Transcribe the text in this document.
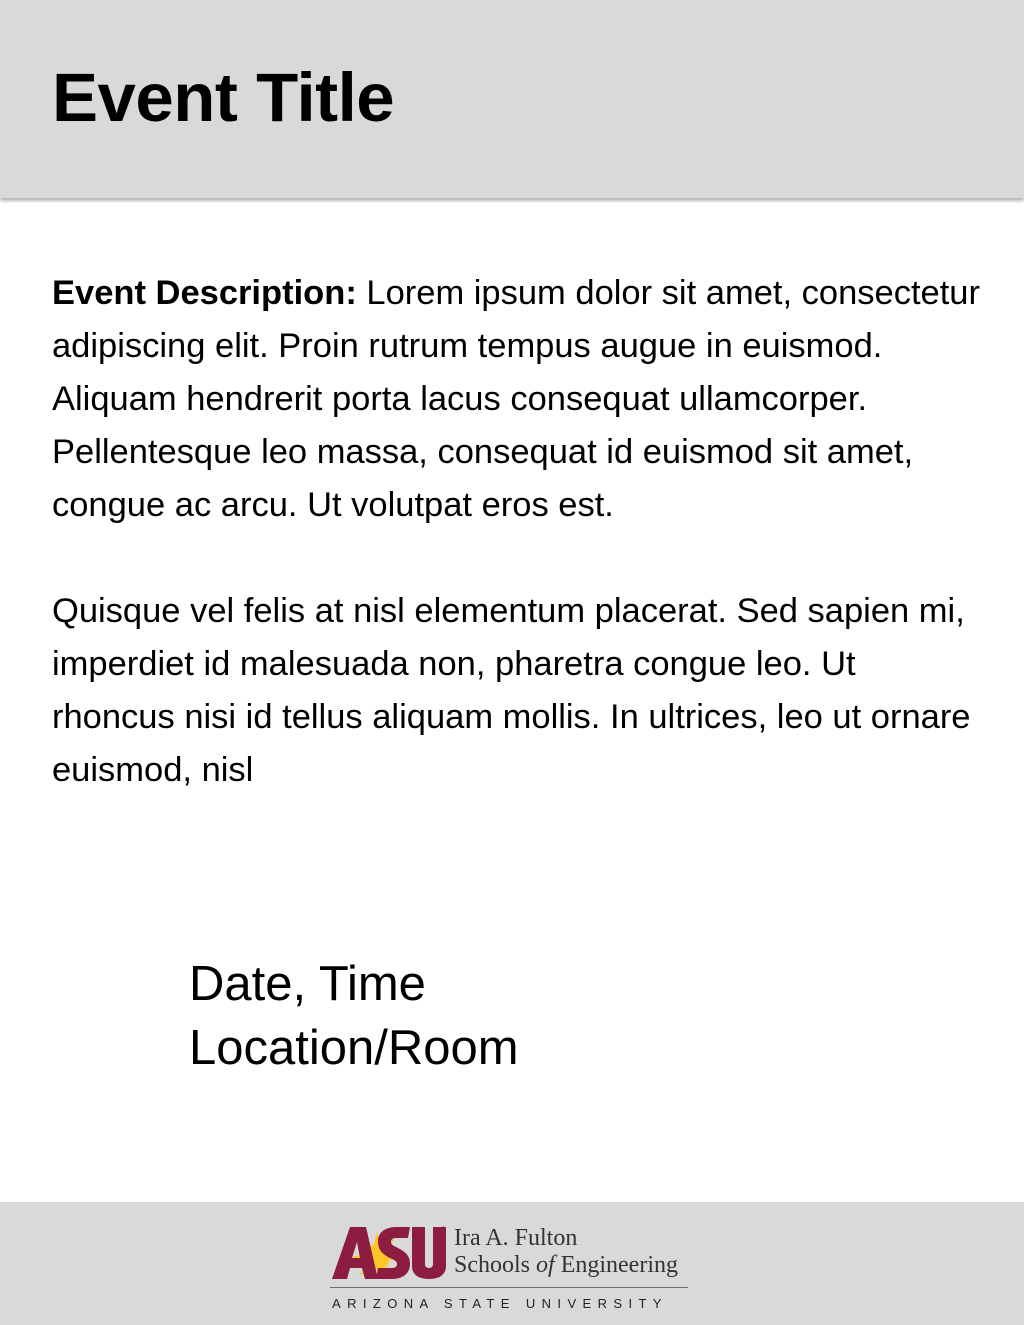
Event Title

Event Description: Lorem ipsum dolor sit amet, consectetur adipiscing elit. Proin rutrum tempus augue in euismod. Aliquam hendrerit porta lacus consequat ullamcorper. Pellentesque leo massa, consequat id euismod sit amet, congue ac arcu. Ut volutpat eros est.

Quisque vel felis at nisl elementum placerat. Sed sapien mi, imperdiet id malesuada non, pharetra congue leo. Ut rhoncus nisi id tellus aliquam mollis. In ultrices, leo ut ornare euismod, nisl

Date, Time
Location/Room
Ira A. Fulton
Schools of Engineering
ARIZONA STATE UNIVERSITY
